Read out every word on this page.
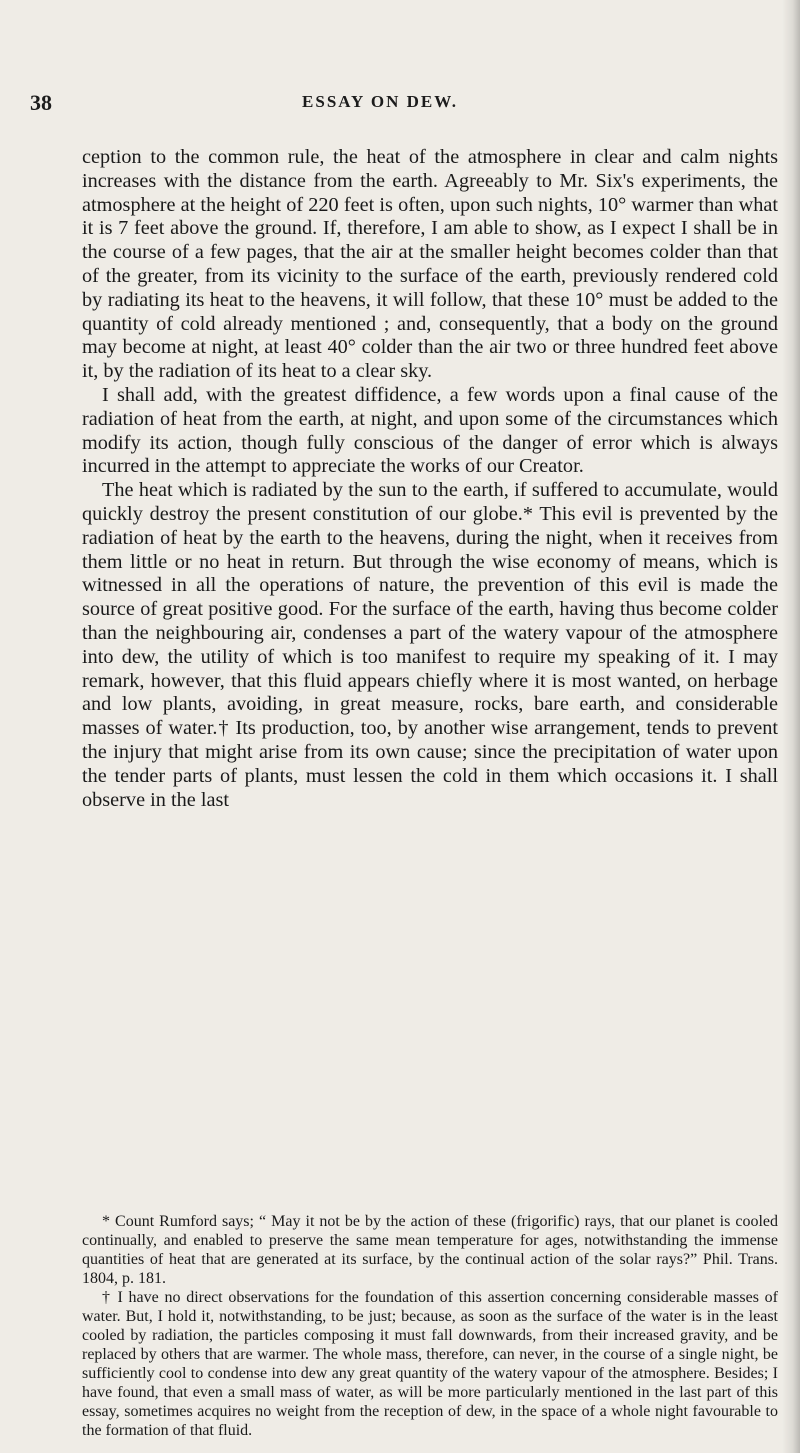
38	ESSAY ON DEW.

ception to the common rule, the heat of the atmosphere in clear and calm nights increases with the distance from the earth. Agreeably to Mr. Six's experiments, the atmosphere at the height of 220 feet is often, upon such nights, 10° warmer than what it is 7 feet above the ground. If, therefore, I am able to show, as I expect I shall be in the course of a few pages, that the air at the smaller height becomes colder than that of the greater, from its vicinity to the surface of the earth, previously rendered cold by radiating its heat to the heavens, it will follow, that these 10° must be added to the quantity of cold already mentioned ; and, consequently, that a body on the ground may become at night, at least 40° colder than the air two or three hundred feet above it, by the radiation of its heat to a clear sky.

I shall add, with the greatest diffidence, a few words upon a final cause of the radiation of heat from the earth, at night, and upon some of the circumstances which modify its action, though fully conscious of the danger of error which is always incurred in the attempt to appreciate the works of our Creator.

The heat which is radiated by the sun to the earth, if suffered to accumulate, would quickly destroy the present constitution of our globe.* This evil is prevented by the radiation of heat by the earth to the heavens, during the night, when it receives from them little or no heat in return. But through the wise economy of means, which is witnessed in all the operations of nature, the prevention of this evil is made the source of great positive good. For the surface of the earth, having thus become colder than the neighbouring air, condenses a part of the watery vapour of the atmosphere into dew, the utility of which is too manifest to require my speaking of it. I may remark, however, that this fluid appears chiefly where it is most wanted, on herbage and low plants, avoiding, in great measure, rocks, bare earth, and considerable masses of water.† Its production, too, by another wise arrangement, tends to prevent the injury that might arise from its own cause; since the precipitation of water upon the tender parts of plants, must lessen the cold in them which occasions it. I shall observe in the last

* Count Rumford says; “ May it not be by the action of these (frigorific) rays, that our planet is cooled continually, and enabled to preserve the same mean temperature for ages, notwithstanding the immense quantities of heat that are generated at its surface, by the continual action of the solar rays?” Phil. Trans. 1804, p. 181.

† I have no direct observations for the foundation of this assertion concerning considerable masses of water. But, I hold it, notwithstanding, to be just; because, as soon as the surface of the water is in the least cooled by radiation, the particles composing it must fall downwards, from their increased gravity, and be replaced by others that are warmer. The whole mass, therefore, can never, in the course of a single night, be sufficiently cool to condense into dew any great quantity of the watery vapour of the atmosphere. Besides; I have found, that even a small mass of water, as will be more particularly mentioned in the last part of this essay, sometimes acquires no weight from the reception of dew, in the space of a whole night favourable to the formation of that fluid.
